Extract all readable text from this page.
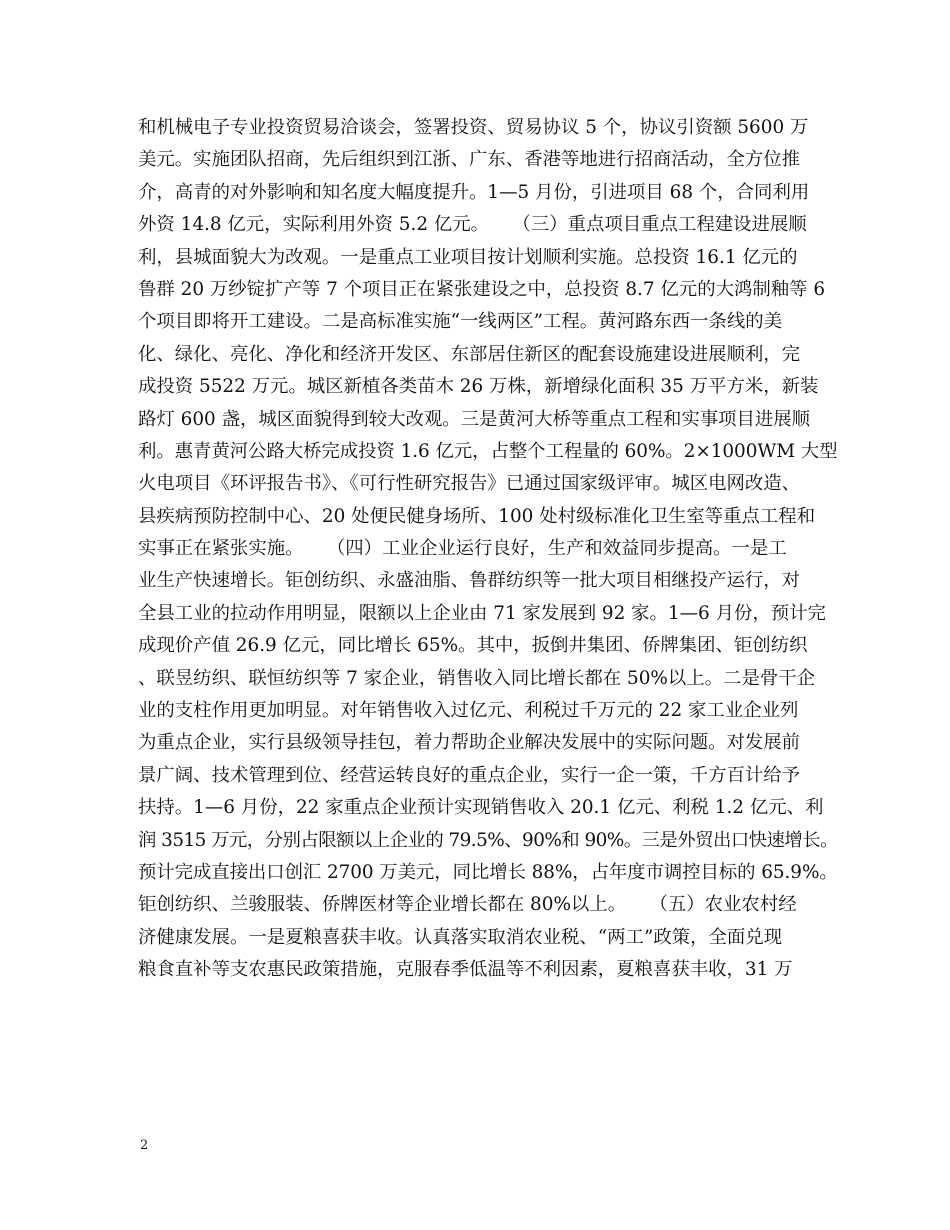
和机械电子专业投资贸易洽谈会，签署投资、贸易协议 5 个，协议引资额 5600 万
美元。实施团队招商，先后组织到江浙、广东、香港等地进行招商活动，全方位推
介，高青的对外影响和知名度大幅度提升。1—5 月份，引进项目 68 个，合同利用
外资 14.8 亿元，实际利用外资 5.2 亿元。    （三）重点项目重点工程建设进展顺
利，县城面貌大为改观。一是重点工业项目按计划顺利实施。总投资 16.1 亿元的
鲁群 20 万纱锭扩产等 7 个项目正在紧张建设之中，总投资 8.7 亿元的大鸿制釉等 6
个项目即将开工建设。二是高标准实施“一线两区”工程。黄河路东西一条线的美
化、绿化、亮化、净化和经济开发区、东部居住新区的配套设施建设进展顺利，完
成投资 5522 万元。城区新植各类苗木 26 万株，新增绿化面积 35 万平方米，新装
路灯 600 盏，城区面貌得到较大改观。三是黄河大桥等重点工程和实事项目进展顺
利。惠青黄河公路大桥完成投资 1.6 亿元，占整个工程量的 60%。2×1000WM 大型
火电项目《环评报告书》、《可行性研究报告》已通过国家级评审。城区电网改造、
县疾病预防控制中心、20 处便民健身场所、100 处村级标准化卫生室等重点工程和
实事正在紧张实施。    （四）工业企业运行良好，生产和效益同步提高。一是工
业生产快速增长。钜创纺织、永盛油脂、鲁群纺织等一批大项目相继投产运行，对
全县工业的拉动作用明显，限额以上企业由 71 家发展到 92 家。1—6 月份，预计完
成现价产值 26.9 亿元，同比增长 65%。其中，扳倒井集团、侨牌集团、钜创纺织
、联昱纺织、联恒纺织等 7 家企业，销售收入同比增长都在 50%以上。二是骨干企
业的支柱作用更加明显。对年销售收入过亿元、利税过千万元的 22 家工业企业列
为重点企业，实行县级领导挂包，着力帮助企业解决发展中的实际问题。对发展前
景广阔、技术管理到位、经营运转良好的重点企业，实行一企一策，千方百计给予
扶持。1—6 月份，22 家重点企业预计实现销售收入 20.1 亿元、利税 1.2 亿元、利
润 3515 万元，分别占限额以上企业的 79.5%、90%和 90%。三是外贸出口快速增长。
预计完成直接出口创汇 2700 万美元，同比增长 88%，占年度市调控目标的 65.9%。
钜创纺织、兰骏服装、侨牌医材等企业增长都在 80%以上。    （五）农业农村经
济健康发展。一是夏粮喜获丰收。认真落实取消农业税、“两工”政策，全面兑现
粮食直补等支农惠民政策措施，克服春季低温等不利因素，夏粮喜获丰收，31 万
2
